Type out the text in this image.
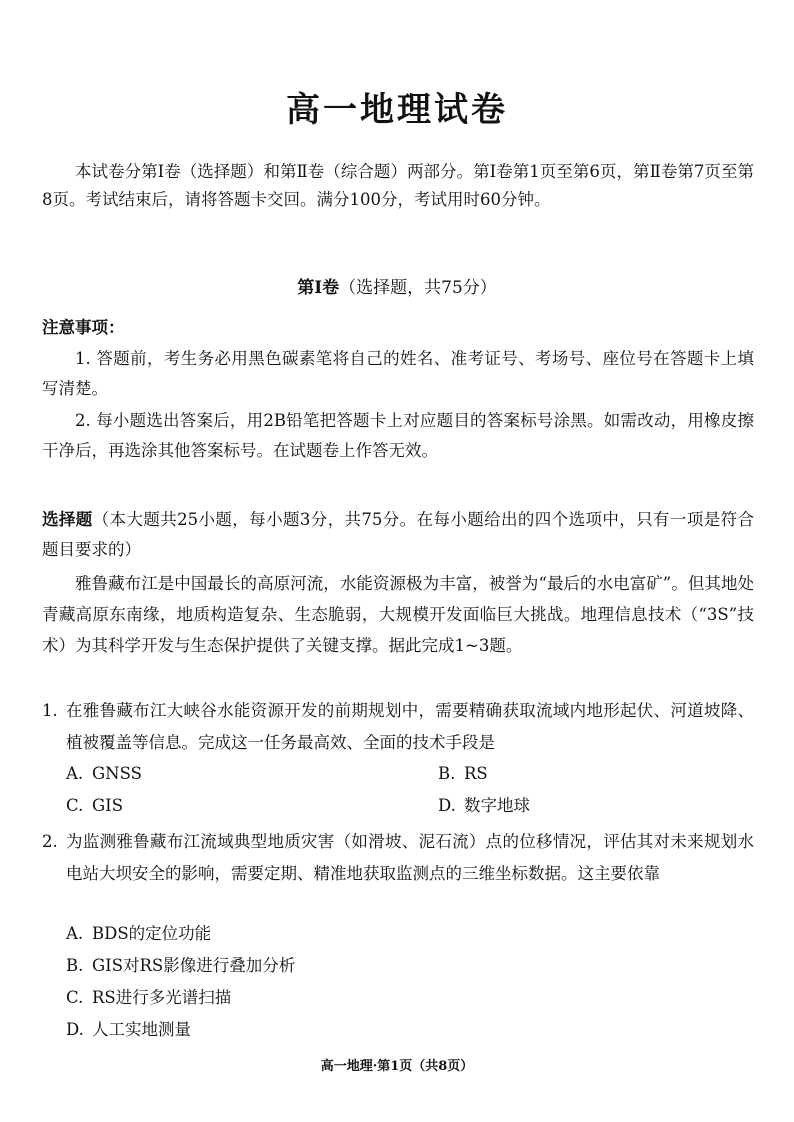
高一地理试卷
本试卷分第Ⅰ卷（选择题）和第Ⅱ卷（综合题）两部分。第Ⅰ卷第1页至第6页，第Ⅱ卷第7页至第8页。考试结束后，请将答题卡交回。满分100分，考试用时60分钟。
第Ⅰ卷（选择题，共75分）
注意事项：
1. 答题前，考生务必用黑色碳素笔将自己的姓名、准考证号、考场号、座位号在答题卡上填写清楚。
2. 每小题选出答案后，用2B铅笔把答题卡上对应题目的答案标号涂黑。如需改动，用橡皮擦干净后，再选涂其他答案标号。在试题卷上作答无效。
选择题（本大题共25小题，每小题3分，共75分。在每小题给出的四个选项中，只有一项是符合题目要求的）
雅鲁藏布江是中国最长的高原河流，水能资源极为丰富，被誉为“最后的水电富矿”。但其地处青藏高原东南缘，地质构造复杂、生态脆弱，大规模开发面临巨大挑战。地理信息技术（“3S”技术）为其科学开发与生态保护提供了关键支撑。据此完成1~3题。
1. 在雅鲁藏布江大峡谷水能资源开发的前期规划中，需要精确获取流域内地形起伏、河道坡降、植被覆盖等信息。完成这一任务最高效、全面的技术手段是
A. GNSS	B. RS
C. GIS	D. 数字地球
2. 为监测雅鲁藏布江流域典型地质灾害（如滑坡、泥石流）点的位移情况，评估其对未来规划水电站大坝安全的影响，需要定期、精准地获取监测点的三维坐标数据。这主要依靠
A. BDS的定位功能
B. GIS对RS影像进行叠加分析
C. RS进行多光谱扫描
D. 人工实地测量
高一地理·第1页（共8页）
